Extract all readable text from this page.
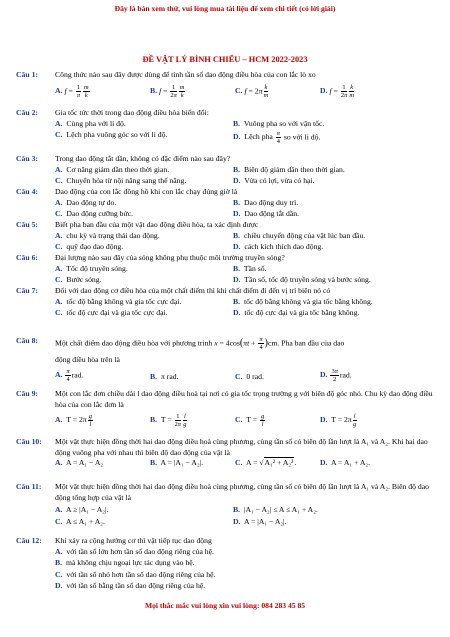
Đây là bản xem thử, vui lòng mua tài liệu để xem chi tiết (có lời giải)
ĐỀ VẬT LÝ BÌNH CHIỂU – HCM 2022-2023
Câu 1: Công thức nào sau đây được dùng để tính tần số dao động điều hòa của con lắc lò xo
A. $f = \frac{1}{\pi} \frac{m}{k}$	B. $f = \frac{1}{2\pi} \frac{m}{k}$	C. $f = 2\pi \frac{k}{m}$	D. $f = \frac{1}{2\pi} \frac{k}{m}$
Câu 2: Gia tốc tức thời trong dao động điều hòa biến đổi:
A. Cùng pha với li độ.	B. Vuông pha so với vận tốc.
C. Lệch pha vuông góc so với li độ.	D. Lệch pha $\frac{\pi}{4}$ so với li độ.
Câu 3: Trong dao động tắt dần, không có đặc điểm nào sau đây?
A. Cơ năng giảm dần theo thời gian.	B. Biên độ giảm dần theo thời gian.
C. Chuyển hóa từ nội năng sang thế năng.	D. Vừa có lợi, vừa có hại.
Câu 4: Dao động của con lắc đồng hồ khi con lắc chạy đúng giờ là
A. Dao động tự do.	B. Dao động duy trì.
C. Dao động cưỡng bức.	D. Dao động tắt dần.
Câu 5: Biết pha ban đầu của một vật dao động điều hòa, ta xác định được
A. chu kỳ và trạng thái dao động.	B. chiều chuyển động của vật lúc ban đầu.
C. quỹ đạo dao động.	D. cách kích thích dao động.
Câu 6: Đại lượng nào sau đây của sóng không phụ thuộc môi trường truyền sóng?
A. Tốc độ truyền sóng.	B. Tần số.
C. Bước sóng.	D. Tần số, tốc độ truyền sóng và bước sóng.
Câu 7: Đối với dao động cơ điều hòa của một chất điểm thì khi chất điểm đi đến vị trí biên nó có
A. tốc độ bằng không và gia tốc cực đại.	B. tốc độ bằng không và gia tốc bằng không.
C. tốc độ cực đại và gia tốc cực đại.	D. tốc độ cực đại và gia tốc bằng không.
Câu 8: Một chất điểm dao động điều hòa với phương trình $x = 4\cos(\pi t + \frac{\pi}{4} )cm$. Pha ban đầu của dao
động điều hòa trên là
A. $\frac{\pi}{4}$ rad.	B. π rad.	C. 0 rad.	D. $\frac{3\pi}{2}$ rad.
Câu 9: Một con lắc đơn chiều dài l dao động điều hoà tại nơi có gia tốc trọng trường g với biên độ góc nhỏ. Chu kỳ dao động điều hòa của con lắc đơn là
A. $T = 2\pi \frac{g}{l}$	B. $T = \frac{1}{2\pi} \frac{l}{g}$	C. $T = \frac{g}{l}$	D. $T = 2\pi \frac{l}{g}$
Câu 10: Một vật thực hiện đồng thời hai dao động điều hoà cùng phương, cùng tần số có biên độ lần lượt là A₁ và A₂. Khi hai dao động vuông pha với nhau thì biên độ dao động của vật là
A. A = A₁ − A₂	B. A = |A₁ − A₂|.	C. A = √A₁² + A₂².	D. A = A₁ + A₂.
Câu 11: Một vật thực hiện đồng thời hai dao động điều hoà cùng phương, cùng tần số có biên độ lần lượt là A₁ và A₂. Biên độ dao động tổng hợp của vật là
A. A ≥ |A₁ − A₂|.	B. |A₁ − A₂| ≤ A ≤ A₁ + A₂.
C. A ≤ A₁ + A₂.	D. A = |A₁ − A₂|.
Câu 12: Khi xảy ra cộng hưởng cơ thì vật tiếp tục dao động
A. với tần số lớn hơn tần số dao động riêng của hệ.
B. mà không chịu ngoại lực tác dụng vào hệ.
C. với tần số nhỏ hơn tần số dao động riêng của hệ.
D. với tần số bằng tần số dao động riêng của hệ.
Mọi thắc mắc vui lòng xin vui lòng: 084 283 45 85
